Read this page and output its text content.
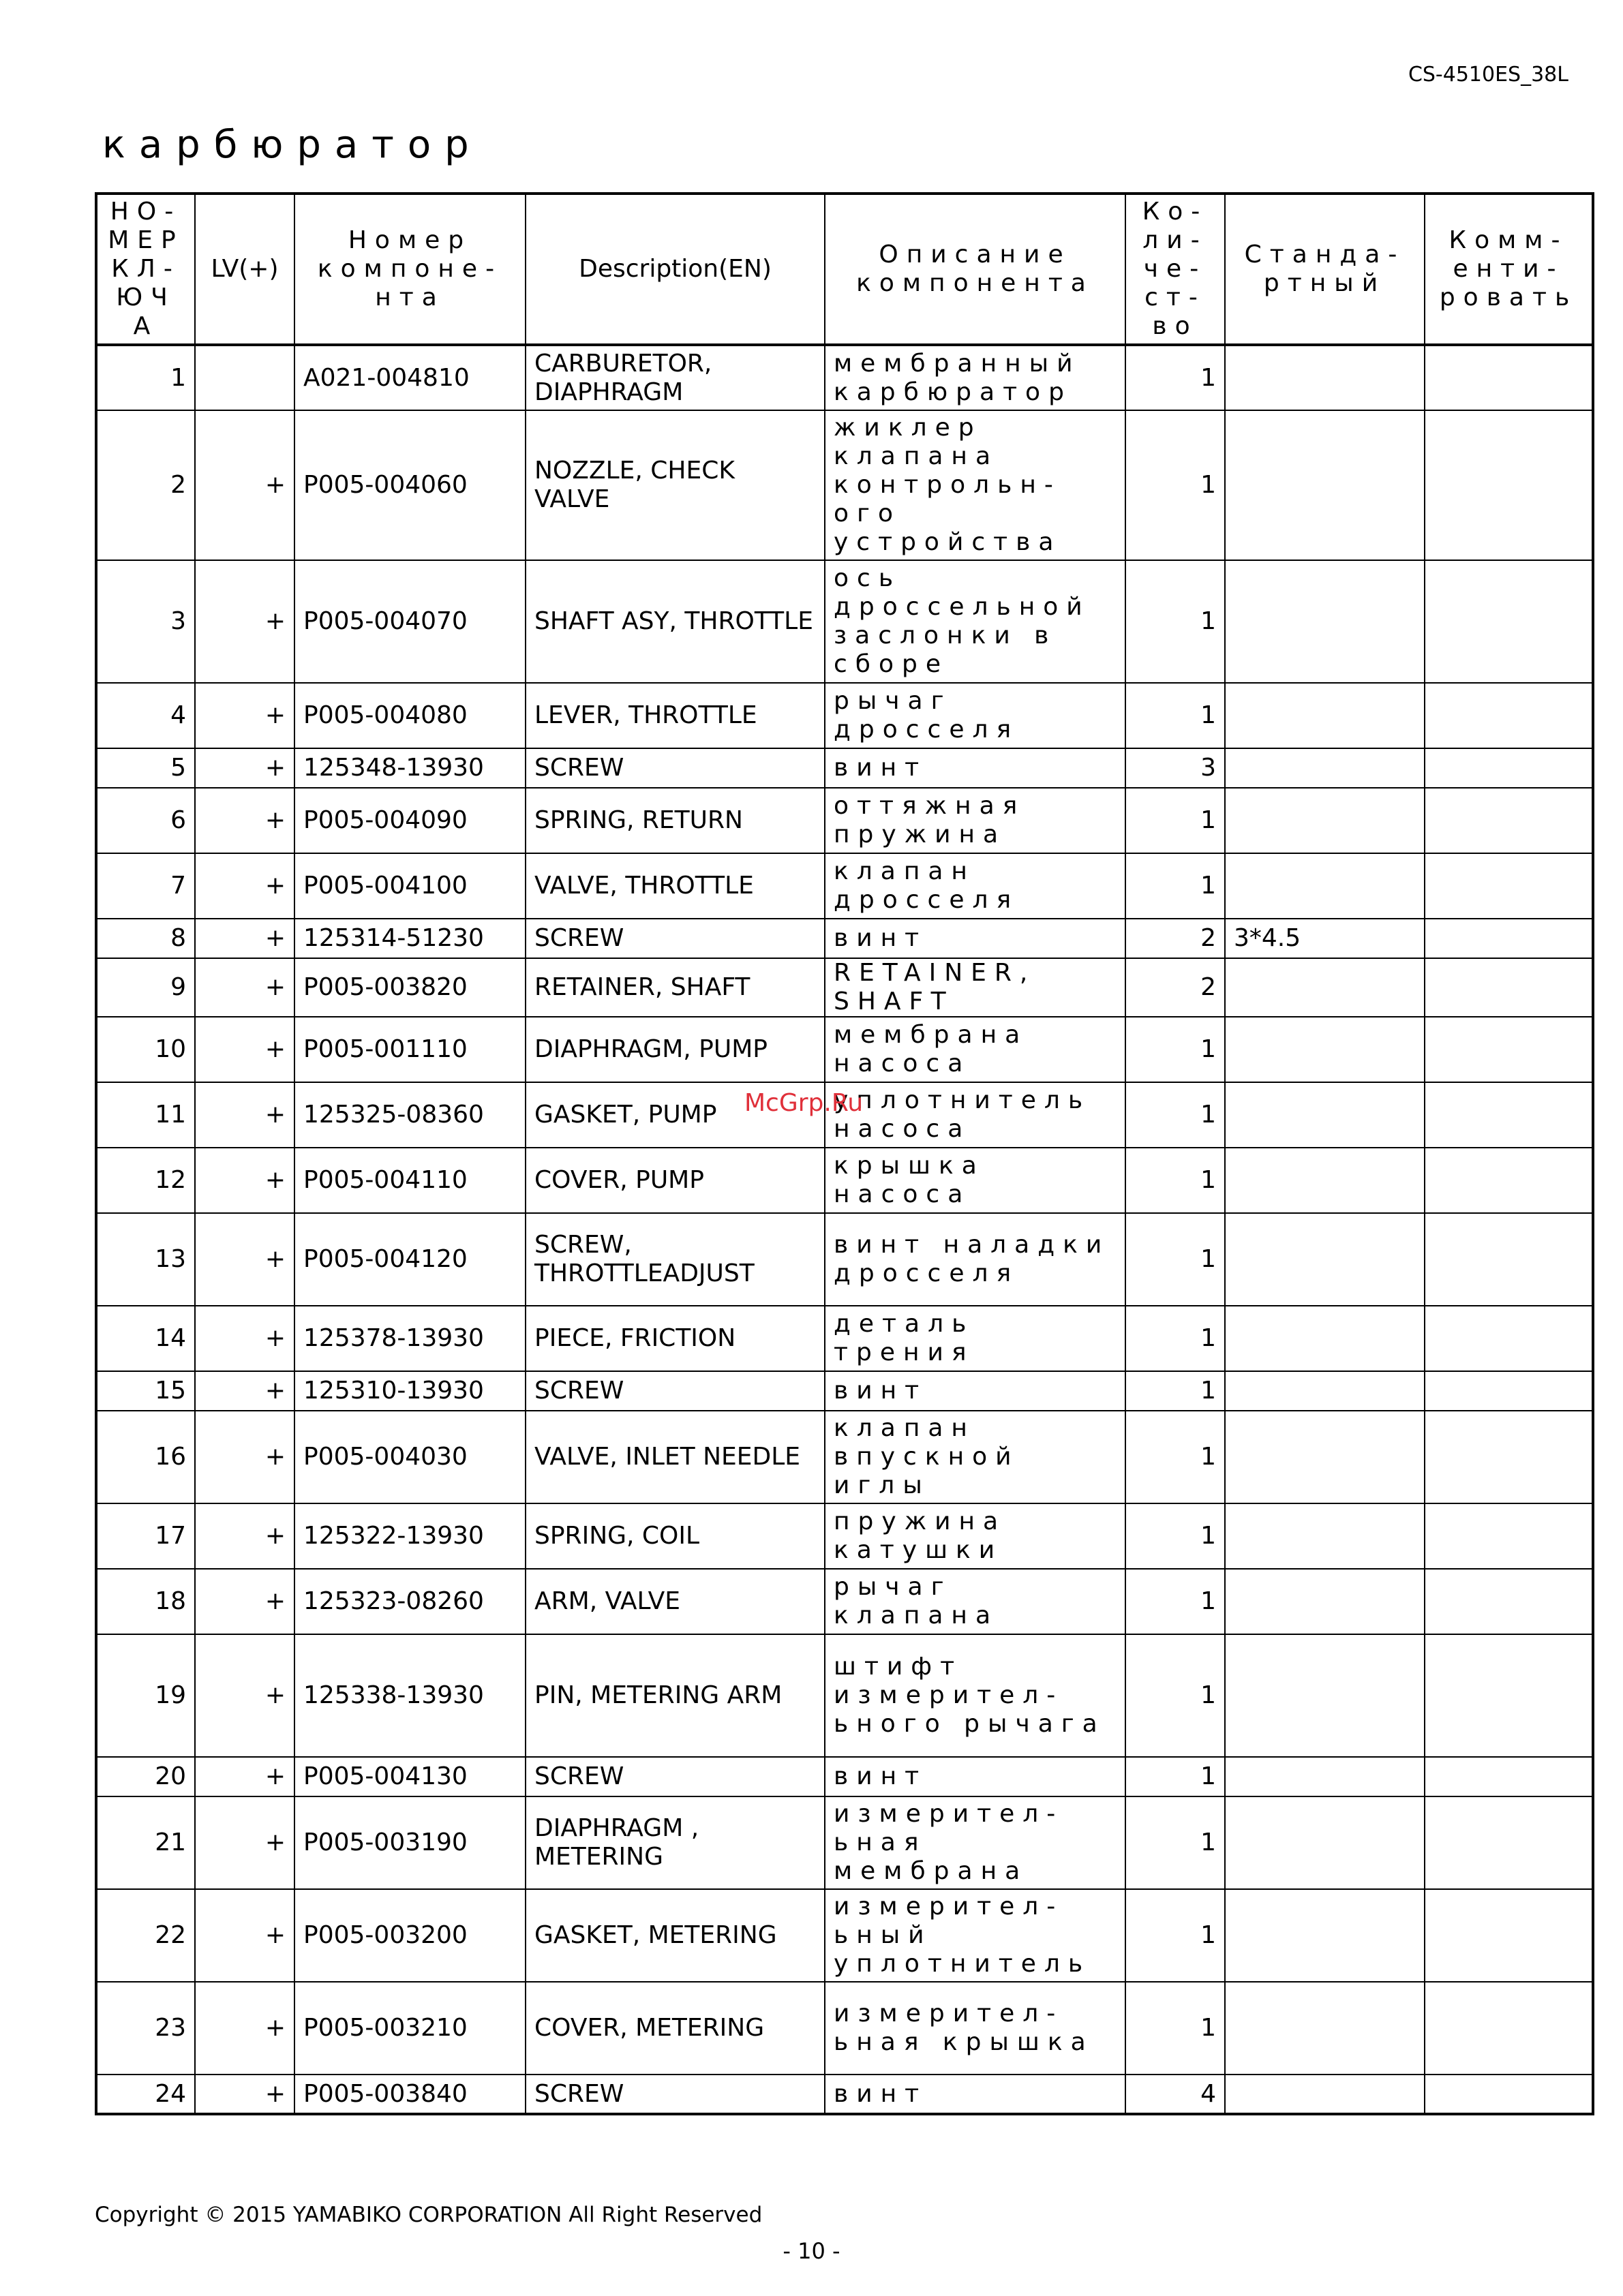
CS-4510ES_38L
карбюратор
НО-МЕР КЛ-ЮЧА	LV(+)	Номер компоне-нта	Description(EN)	Описание компонента	Ко-ли-че-ст-во	Станда-ртный	Комм-енти-ровать
1		A021-004810	CARBURETOR, DIAPHRAGM	мембранный карбюратор	1		
2	+	P005-004060	NOZZLE, CHECK VALVE	жиклер клапана контрольн-ого устройства	1		
3	+	P005-004070	SHAFT ASY, THROTTLE	ось дроссельной заслонки в сборе	1		
4	+	P005-004080	LEVER, THROTTLE	рычаг дросселя	1		
5	+	125348-13930	SCREW	винт	3		
6	+	P005-004090	SPRING, RETURN	оттяжная пружина	1		
7	+	P005-004100	VALVE, THROTTLE	клапан дросселя	1		
8	+	125314-51230	SCREW	винт	2	3*4.5	
9	+	P005-003820	RETAINER, SHAFT	RETAINER, SHAFT	2		
10	+	P005-001110	DIAPHRAGM, PUMP	мембрана насоса	1		
11	+	125325-08360	GASKET, PUMP	уплотнитель насоса	1		
12	+	P005-004110	COVER, PUMP	крышка насоса	1		
13	+	P005-004120	SCREW, THROTTLEADJUST	винт наладки дросселя	1		
14	+	125378-13930	PIECE, FRICTION	деталь трения	1		
15	+	125310-13930	SCREW	винт	1		
16	+	P005-004030	VALVE, INLET NEEDLE	клапан впускной иглы	1		
17	+	125322-13930	SPRING, COIL	пружина катушки	1		
18	+	125323-08260	ARM, VALVE	рычаг клапана	1		
19	+	125338-13930	PIN, METERING ARM	штифт измерител-ьного рычага	1		
20	+	P005-004130	SCREW	винт	1		
21	+	P005-003190	DIAPHRAGM , METERING	измерител-ьная мембрана	1		
22	+	P005-003200	GASKET, METERING	измерител-ьный уплотнитель	1		
23	+	P005-003210	COVER, METERING	измерител-ьная крышка	1		
24	+	P005-003840	SCREW	винт	4		
McGrp.Ru
Copyright © 2015 YAMABIKO CORPORATION All Right Reserved
- 10 -
